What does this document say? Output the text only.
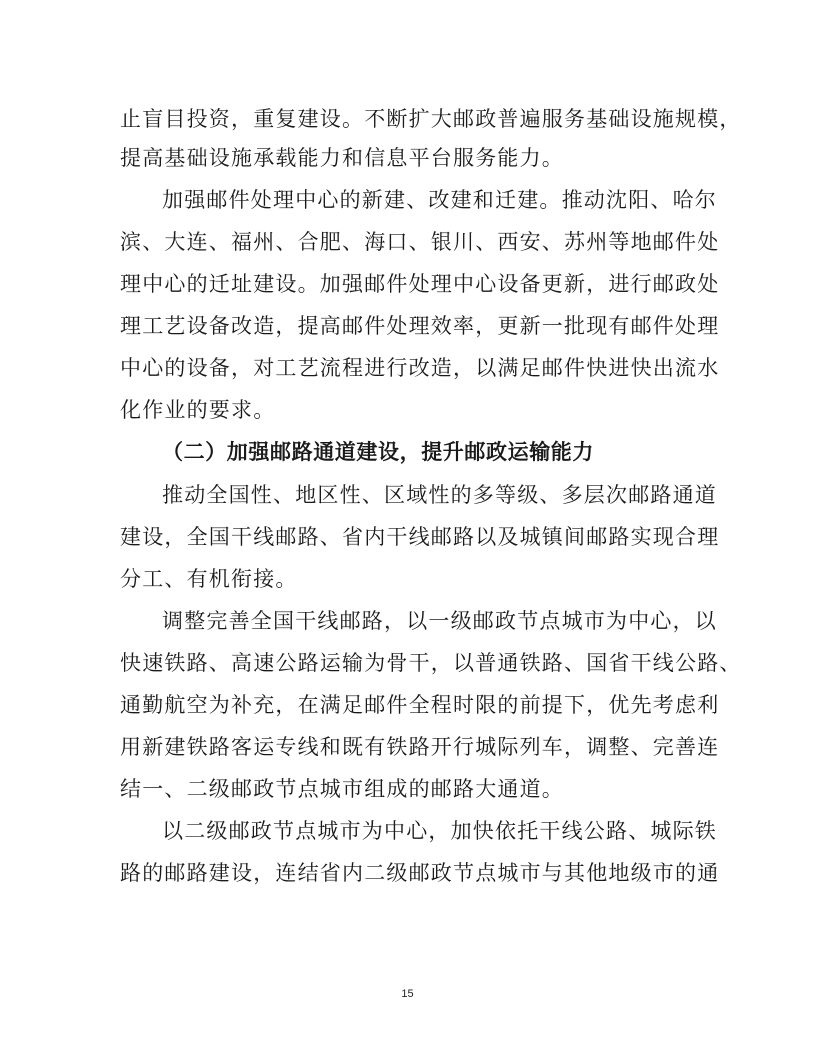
止盲目投资，重复建设。不断扩大邮政普遍服务基础设施规模，
提高基础设施承载能力和信息平台服务能力。
加强邮件处理中心的新建、改建和迁建。推动沈阳、哈尔
滨、大连、福州、合肥、海口、银川、西安、苏州等地邮件处
理中心的迁址建设。加强邮件处理中心设备更新，进行邮政处
理工艺设备改造，提高邮件处理效率，更新一批现有邮件处理
中心的设备，对工艺流程进行改造，以满足邮件快进快出流水
化作业的要求。
（二）加强邮路通道建设，提升邮政运输能力
推动全国性、地区性、区域性的多等级、多层次邮路通道
建设，全国干线邮路、省内干线邮路以及城镇间邮路实现合理
分工、有机衔接。
调整完善全国干线邮路，以一级邮政节点城市为中心，以
快速铁路、高速公路运输为骨干，以普通铁路、国省干线公路、
通勤航空为补充，在满足邮件全程时限的前提下，优先考虑利
用新建铁路客运专线和既有铁路开行城际列车，调整、完善连
结一、二级邮政节点城市组成的邮路大通道。
以二级邮政节点城市为中心，加快依托干线公路、城际铁
路的邮路建设，连结省内二级邮政节点城市与其他地级市的通
15
